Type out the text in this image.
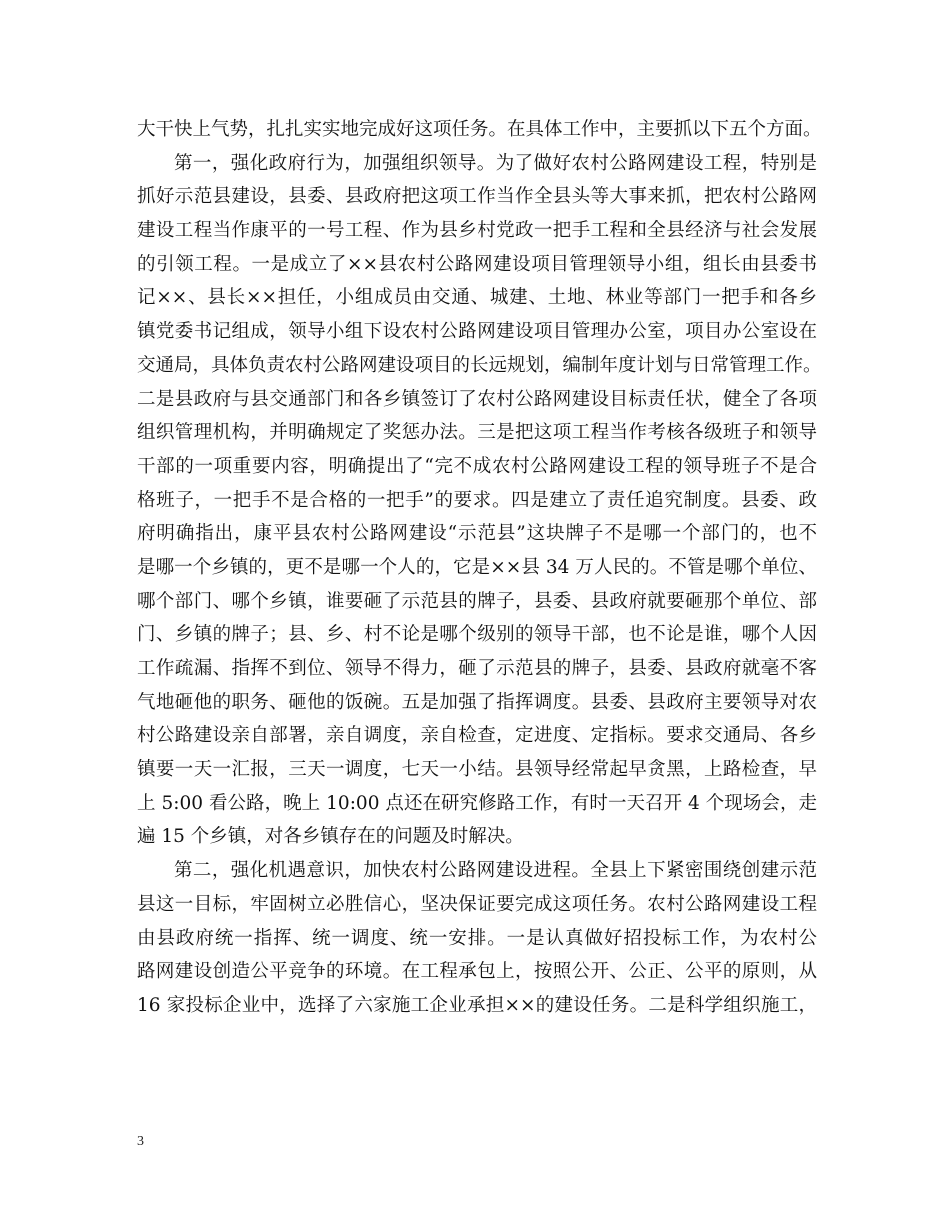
大干快上气势，扎扎实实地完成好这项任务。在具体工作中，主要抓以下五个方面。
第一，强化政府行为，加强组织领导。为了做好农村公路网建设工程，特别是
抓好示范县建设，县委、县政府把这项工作当作全县头等大事来抓，把农村公路网
建设工程当作康平的一号工程、作为县乡村党政一把手工程和全县经济与社会发展
的引领工程。一是成立了××县农村公路网建设项目管理领导小组，组长由县委书
记××、县长××担任，小组成员由交通、城建、土地、林业等部门一把手和各乡
镇党委书记组成，领导小组下设农村公路网建设项目管理办公室，项目办公室设在
交通局，具体负责农村公路网建设项目的长远规划，编制年度计划与日常管理工作。
二是县政府与县交通部门和各乡镇签订了农村公路网建设目标责任状，健全了各项
组织管理机构，并明确规定了奖惩办法。三是把这项工程当作考核各级班子和领导
干部的一项重要内容，明确提出了“完不成农村公路网建设工程的领导班子不是合
格班子，一把手不是合格的一把手”的要求。四是建立了责任追究制度。县委、政
府明确指出，康平县农村公路网建设“示范县”这块牌子不是哪一个部门的，也不
是哪一个乡镇的，更不是哪一个人的，它是××县 34 万人民的。不管是哪个单位、
哪个部门、哪个乡镇，谁要砸了示范县的牌子，县委、县政府就要砸那个单位、部
门、乡镇的牌子；县、乡、村不论是哪个级别的领导干部，也不论是谁，哪个人因
工作疏漏、指挥不到位、领导不得力，砸了示范县的牌子，县委、县政府就毫不客
气地砸他的职务、砸他的饭碗。五是加强了指挥调度。县委、县政府主要领导对农
村公路建设亲自部署，亲自调度，亲自检查，定进度、定指标。要求交通局、各乡
镇要一天一汇报，三天一调度，七天一小结。县领导经常起早贪黑，上路检查，早
上 5:00 看公路，晚上 10:00 点还在研究修路工作，有时一天召开 4 个现场会，走
遍 15 个乡镇，对各乡镇存在的问题及时解决。
第二，强化机遇意识，加快农村公路网建设进程。全县上下紧密围绕创建示范
县这一目标，牢固树立必胜信心，坚决保证要完成这项任务。农村公路网建设工程
由县政府统一指挥、统一调度、统一安排。一是认真做好招投标工作，为农村公
路网建设创造公平竞争的环境。在工程承包上，按照公开、公正、公平的原则，从
16 家投标企业中，选择了六家施工企业承担××的建设任务。二是科学组织施工，
3
